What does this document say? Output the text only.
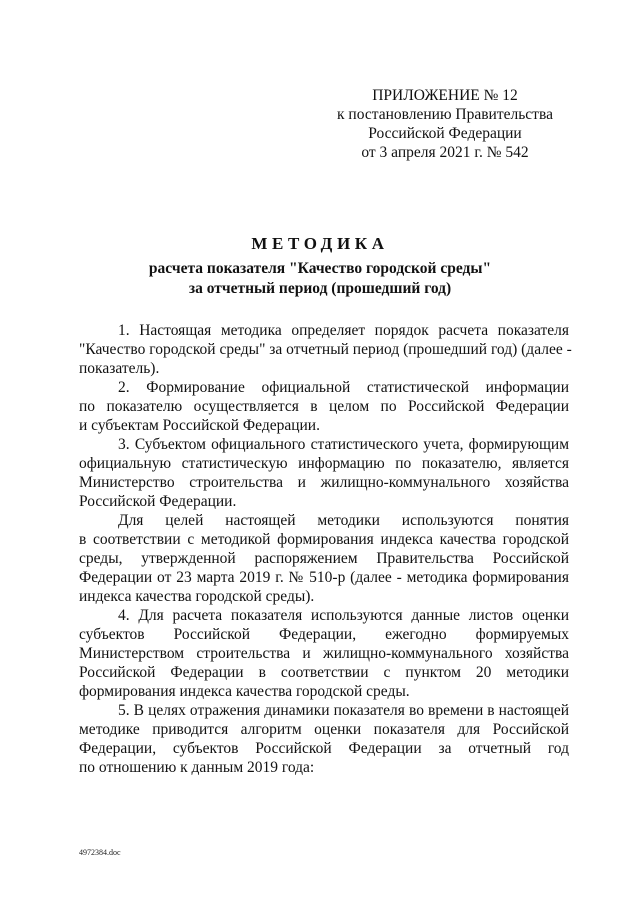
ПРИЛОЖЕНИЕ № 12
к постановлению Правительства
Российской Федерации
от 3 апреля 2021 г. № 542
МЕТОДИКА
расчета показателя "Качество городской среды"
за отчетный период (прошедший год)
1. Настоящая методика определяет порядок расчета показателя
"Качество городской среды" за отчетный период (прошедший год) (далее -
показатель).
2. Формирование официальной статистической информации
по показателю осуществляется в целом по Российской Федерации
и субъектам Российской Федерации.
3. Субъектом официального статистического учета, формирующим
официальную статистическую информацию по показателю, является
Министерство строительства и жилищно-коммунального хозяйства
Российской Федерации.
Для целей настоящей методики используются понятия
в соответствии с методикой формирования индекса качества городской
среды, утвержденной распоряжением Правительства Российской
Федерации от 23 марта 2019 г. № 510-р (далее - методика формирования
индекса качества городской среды).
4. Для расчета показателя используются данные листов оценки
субъектов Российской Федерации, ежегодно формируемых
Министерством строительства и жилищно-коммунального хозяйства
Российской Федерации в соответствии с пунктом 20 методики
формирования индекса качества городской среды.
5. В целях отражения динамики показателя во времени в настоящей
методике приводится алгоритм оценки показателя для Российской
Федерации, субъектов Российской Федерации за отчетный год
по отношению к данным 2019 года:
4972384.doc
